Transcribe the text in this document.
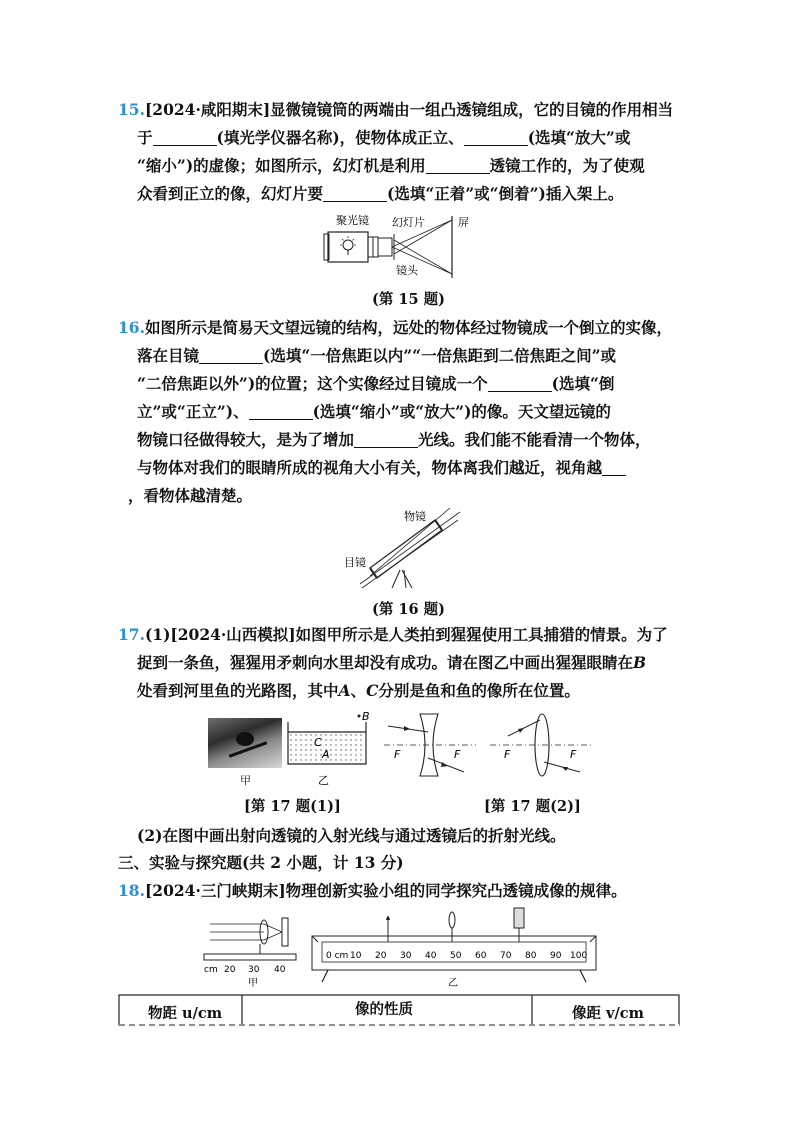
15.[2024·咸阳期末]显微镜镜筒的两端由一组凸透镜组成，它的目镜的作用相当
于	(填光学仪器名称)，使物体成正立、	(选填“放大”或
“缩小”)的虚像；如图所示，幻灯机是利用	透镜工作的，为了使观
众看到正立的像，幻灯片要	(选填“正着”或“倒着”)插入架上。
聚光镜 幻灯片	屏
镜头
(第 15 题)
16.如图所示是简易天文望远镜的结构，远处的物体经过物镜成一个倒立的实像，
落在目镜	(选填“一倍焦距以内”“一倍焦距到二倍焦距之间”或
“二倍焦距以外”)的位置；这个实像经过目镜成一个	(选填“倒
立”或“正立”)、	(选填“缩小”或“放大”)的像。天文望远镜的
物镜口径做得较大，是为了增加	光线。我们能不能看清一个物体，
与物体对我们的眼睛所成的视角大小有关，物体离我们越近，视角越
，看物体越清楚。
物镜
目镜
(第 16 题)
17.(1)[2024·山西模拟]如图甲所示是人类拍到猩猩使用工具捕猎的情景。为了
捉到一条鱼，猩猩用矛刺向水里却没有成功。请在图乙中画出猩猩眼睛在B
处看到河里鱼的光路图，其中A、C分别是鱼和鱼的像所在位置。
甲
B
C
A
乙
F	F	F	F
[第 17 题(1)]	[第 17 题(2)]
(2)在图中画出射向透镜的入射光线与通过透镜后的折射光线。
三、实验与探究题(共 2 小题，计 13 分)
18.[2024·三门峡期末]物理创新实验小组的同学探究凸透镜成像的规律。
cm 20 30 40
甲
0 cm 10 20 30 40 50 60 70 80 90 100
乙
物距 u/cm	像的性质	像距 v/cm
